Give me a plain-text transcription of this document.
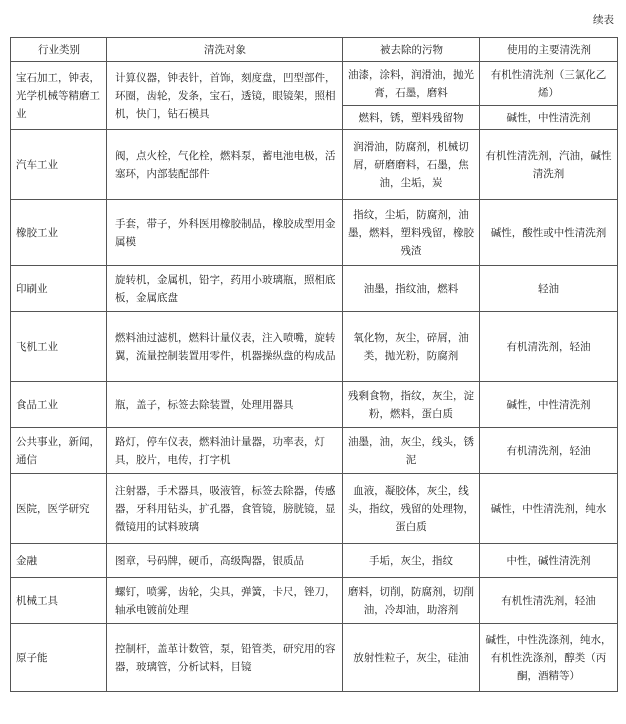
续表
行业类别	清洗对象	被去除的污物	使用的主要清洗剂
宝石加工，钟表，光学机械等精磨工业	计算仪器，钟表针，首饰，刻度盘，凹型部件，环圈，齿轮，发条，宝石，透镜，眼镜架，照相机，快门，钻石模具	油漆，涂料，润滑油，抛光膏，石墨，磨料	有机性清洗剂（三氯化乙烯）
		燃料，锈，塑料残留物	碱性，中性清洗剂
汽车工业	阀，点火栓，气化栓，燃料泵，蓄电池电极，活塞环，内部装配部件	润滑油，防腐剂，机械切屑，研磨磨料，石墨，焦油，尘垢，炭	有机性清洗剂，汽油，碱性清洗剂
橡胶工业	手套，带子，外科医用橡胶制品，橡胶成型用金属模	指纹，尘垢，防腐剂，油墨，燃料，塑料残留，橡胶残渣	碱性，酸性或中性清洗剂
印刷业	旋转机，金属机，铅字，药用小玻璃瓶，照相底板，金属底盘	油墨，指纹油，燃料	轻油
飞机工业	燃料油过滤机，燃料计量仪表，注入喷嘴，旋转翼，流量控制装置用零件，机器操纵盘的构成品	氧化物，灰尘，碎屑，油类，抛光粉，防腐剂	有机清洗剂，轻油
食品工业	瓶，盖子，标签去除装置，处理用器具	残剩食物，指纹，灰尘，淀粉，燃料，蛋白质	碱性，中性清洗剂
公共事业，新闻，通信	路灯，停车仪表，燃料油计量器，功率表，灯具，胶片，电传，打字机	油墨，油，灰尘，线头，锈泥	有机清洗剂，轻油
医院，医学研究	注射器，手术器具，吸液管，标签去除器，传感器，牙科用钻头，扩孔器，食管镜，膀胱镜，显微镜用的试料玻璃	血液，凝胶体，灰尘，线头，指纹，残留的处理物，蛋白质	碱性，中性清洗剂，纯水
金融	图章，号码牌，硬币，高级陶器，银质品	手垢，灰尘，指纹	中性，碱性清洗剂
机械工具	螺钉，喷雾，齿轮，尖具，弹簧，卡尺，锉刀，轴承电镀前处理	磨料，切削，防腐剂，切削油，冷却油，助溶剂	有机性清洗剂，轻油
原子能	控制杆，盖革计数管，泵，铅管类，研究用的容器，玻璃管，分析试料，目镜	放射性粒子，灰尘，硅油	碱性，中性洗涤剂，纯水，有机性洗涤剂，醇类（丙酮，酒精等）
